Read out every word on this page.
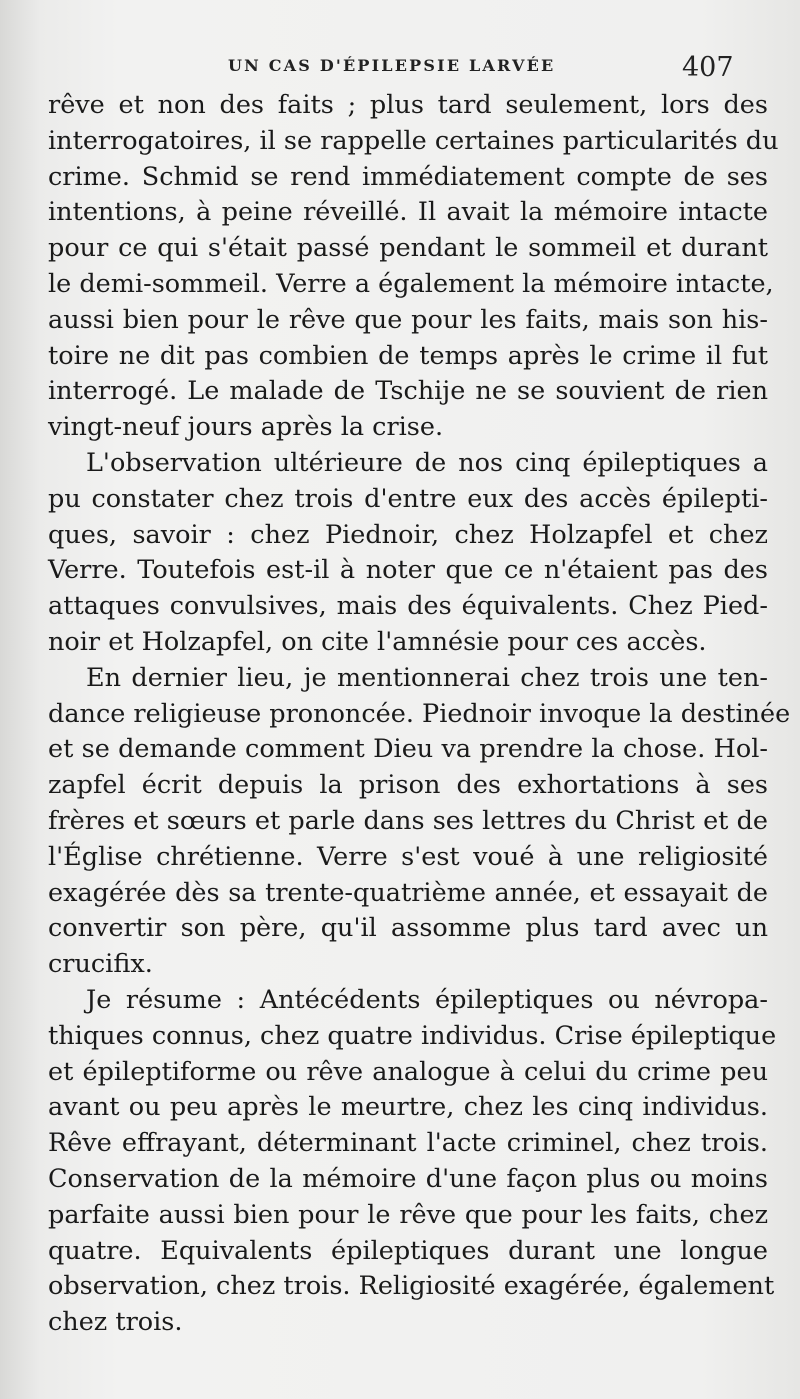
UN CAS D'ÉPILEPSIE LARVÉE	407
rêve et non des faits ; plus tard seulement, lors des
interrogatoires, il se rappelle certaines particularités du
crime. Schmid se rend immédiatement compte de ses
intentions, à peine réveillé. Il avait la mémoire intacte
pour ce qui s'était passé pendant le sommeil et durant
le demi-sommeil. Verre a également la mémoire intacte,
aussi bien pour le rêve que pour les faits, mais son his-
toire ne dit pas combien de temps après le crime il fut
interrogé. Le malade de Tschije ne se souvient de rien
vingt-neuf jours après la crise.
L'observation ultérieure de nos cinq épileptiques a
pu constater chez trois d'entre eux des accès épilepti-
ques, savoir : chez Piednoir, chez Holzapfel et chez
Verre. Toutefois est-il à noter que ce n'étaient pas des
attaques convulsives, mais des équivalents. Chez Pied-
noir et Holzapfel, on cite l'amnésie pour ces accès.
En dernier lieu, je mentionnerai chez trois une ten-
dance religieuse prononcée. Piednoir invoque la destinée
et se demande comment Dieu va prendre la chose. Hol-
zapfel écrit depuis la prison des exhortations à ses
frères et sœurs et parle dans ses lettres du Christ et de
l'Église chrétienne. Verre s'est voué à une religiosité
exagérée dès sa trente-quatrième année, et essayait de
convertir son père, qu'il assomme plus tard avec un
crucifix.
Je résume : Antécédents épileptiques ou névropa-
thiques connus, chez quatre individus. Crise épileptique
et épileptiforme ou rêve analogue à celui du crime peu
avant ou peu après le meurtre, chez les cinq individus.
Rêve effrayant, déterminant l'acte criminel, chez trois.
Conservation de la mémoire d'une façon plus ou moins
parfaite aussi bien pour le rêve que pour les faits, chez
quatre. Equivalents épileptiques durant une longue
observation, chez trois. Religiosité exagérée, également
chez trois.
